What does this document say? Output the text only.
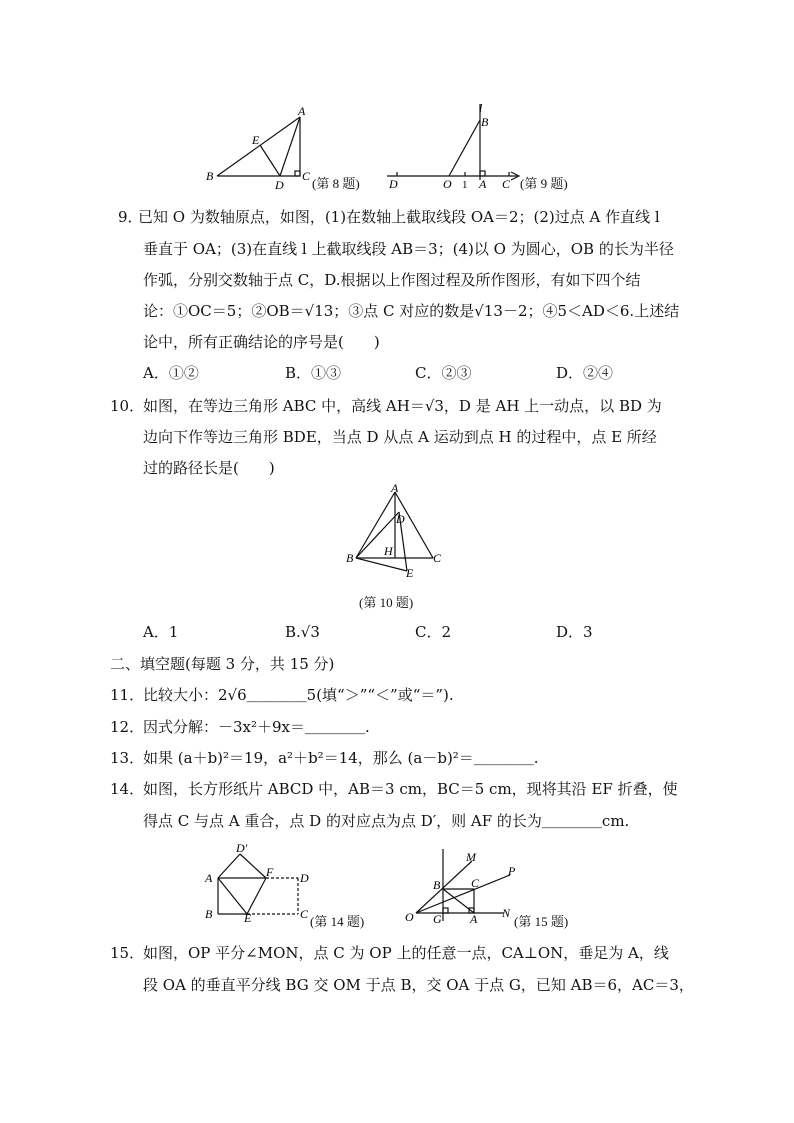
A
B	C
D
E
(第 8 题)
l
B
D	O 1 A C (第 9 题)
9．
已知 O 为数轴原点，如图，(1)在数轴上截取线段 OA＝2；(2)过点 A 作直线 l
垂直于 OA；(3)在直线 l 上截取线段 AB＝3；(4)以 O 为圆心，OB 的长为半径
作弧，分别交数轴于点 C，D.根据以上作图过程及所作图形，有如下四个结
论：①OC＝5；②OB＝√13；③点 C 对应的数是√13－2；④5＜AD＜6.上述结
论中，所有正确结论的序号是(　　)
A．①②	B．①③	C．②③	D．②④
10．
如图，在等边三角形 ABC 中，高线 AH＝√3，D 是 AH 上一动点，以 BD 为
边向下作等边三角形 BDE，当点 D 从点 A 运动到点 H 的过程中，点 E 所经
过的路径长是(　　)
A
B	C
D
H
E
(第 10 题)
A．1	B.√3	C．2	D．3
二、填空题(每题 3 分，共 15 分)
11．
比较大小：2√6＿＿＿＿5(填“＞”“＜”或“＝”).
12．
因式分解：－3x²＋9x＝＿＿＿＿.
13．
如果 (a＋b)²＝19，a²＋b²＝14，那么 (a－b)²＝＿＿＿＿.
14．
如图，长方形纸片 ABCD 中，AB＝3 cm，BC＝5 cm，现将其沿 EF 折叠，使
得点 C 与点 A 重合，点 D 的对应点为点 D′，则 AF 的长为＿＿＿＿cm.
D′
A	F D
B	E	C (第 14 题)
M
P
B	C
O G A N
(第 15 题)
15．
如图，OP 平分∠MON，点 C 为 OP 上的任意一点，CA⊥ON，垂足为 A，线
段 OA 的垂直平分线 BG 交 OM 于点 B，交 OA 于点 G，已知 AB＝6，AC＝3，
